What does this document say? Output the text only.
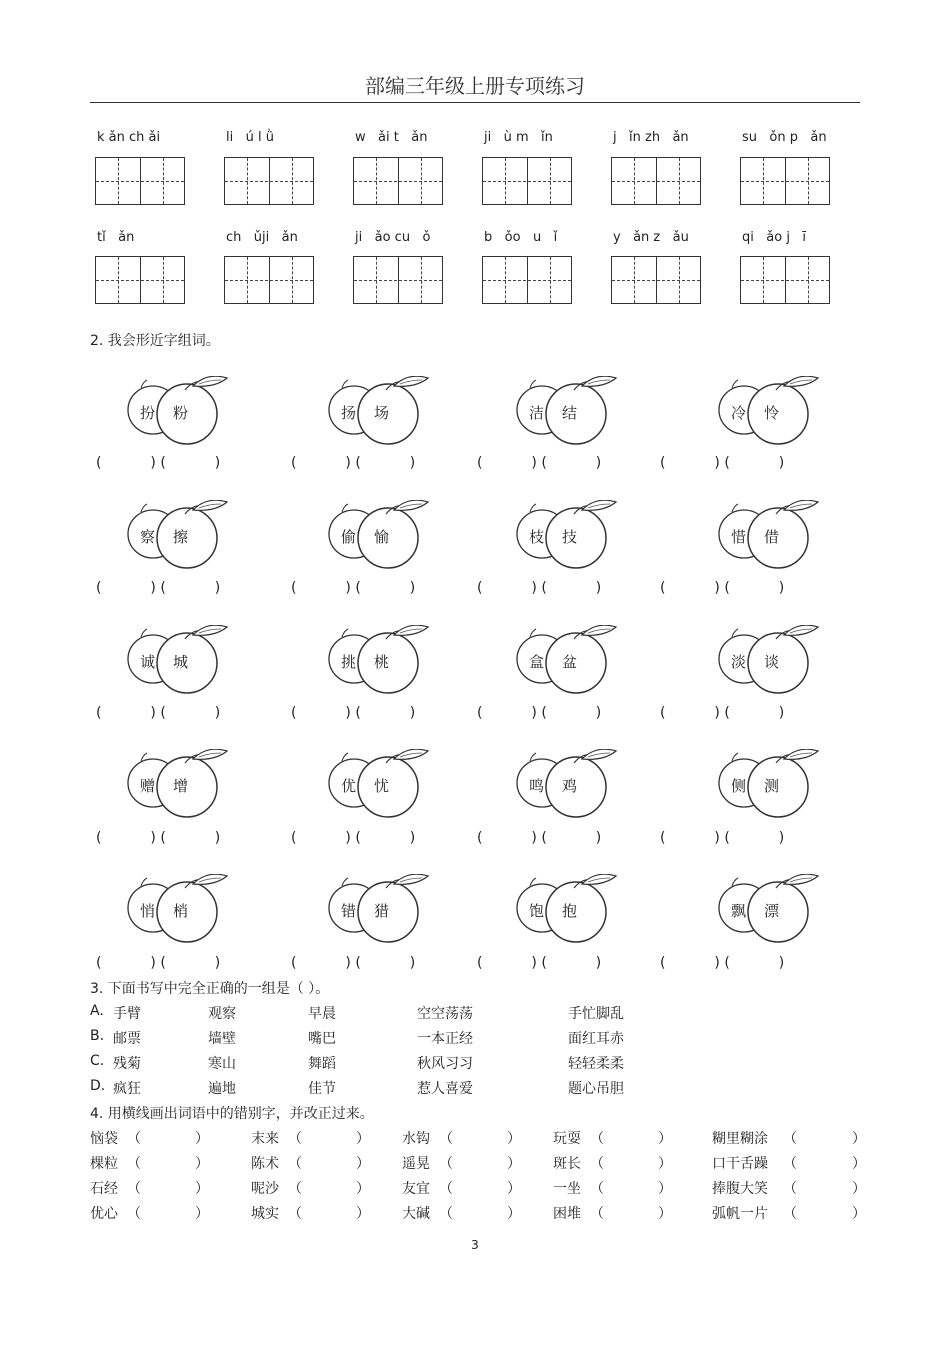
部编三年级上册专项练习
k ǎn ch ǎi	li   ú l ǜ	w   ǎi t   ǎn	ji   ù m   ǐn	j   ǐn zh   ǎn	su   ǒn p   ǎn
tǐ   ǎn	ch   ǔji   ǎn	ji   ǎo cu   ǒ	b   ǒo   u   ǐ	y   ǎn z   ǎu	qi   ǎo j   ī
2. 我会形近字组词。
扮 粉
(           ) (           )
扬 场
(           ) (           )
洁 结
(           ) (           )
冷 怜
(           ) (           )
察 擦
(           ) (           )
偷 愉
(           ) (           )
枝 技
(           ) (           )
惜 借
(           ) (           )
诚 城
(           ) (           )
挑 桃
(           ) (           )
盒 盆
(           ) (           )
淡 谈
(           ) (           )
赠 增
(           ) (           )
优 忧
(           ) (           )
鸣 鸡
(           ) (           )
侧 测
(           ) (           )
悄 梢
(           ) (           )
错 猎
(           ) (           )
饱 抱
(           ) (           )
飘 漂
(           ) (           )
3. 下面书写中完全正确的一组是（ ）。
A. 手臂	观察	早晨	空空荡荡	手忙脚乱
B. 邮票	墙壁	嘴巴	一本正经	面红耳赤
C. 残菊	寒山	舞蹈	秋风习习	轻轻柔柔
D. 疯狂	遍地	佳节	惹人喜爱	题心吊胆
4. 用横线画出词语中的错别字，并改正过来。
恼袋 （	）	末来 （	） 水钩 （	） 玩耍 （	）	糊里糊涂 （	）
棵粒 （	）	陈术 （	） 遥晃 （	） 斑长 （	）	口干舌躁 （	）
石经 （	）	呢沙 （	） 友宜 （	） 一坐 （	）	捧腹大笑 （	）
优心 （	）	城实 （	） 大碱 （	） 困堆 （	）	弧帆一片 （	）
3
